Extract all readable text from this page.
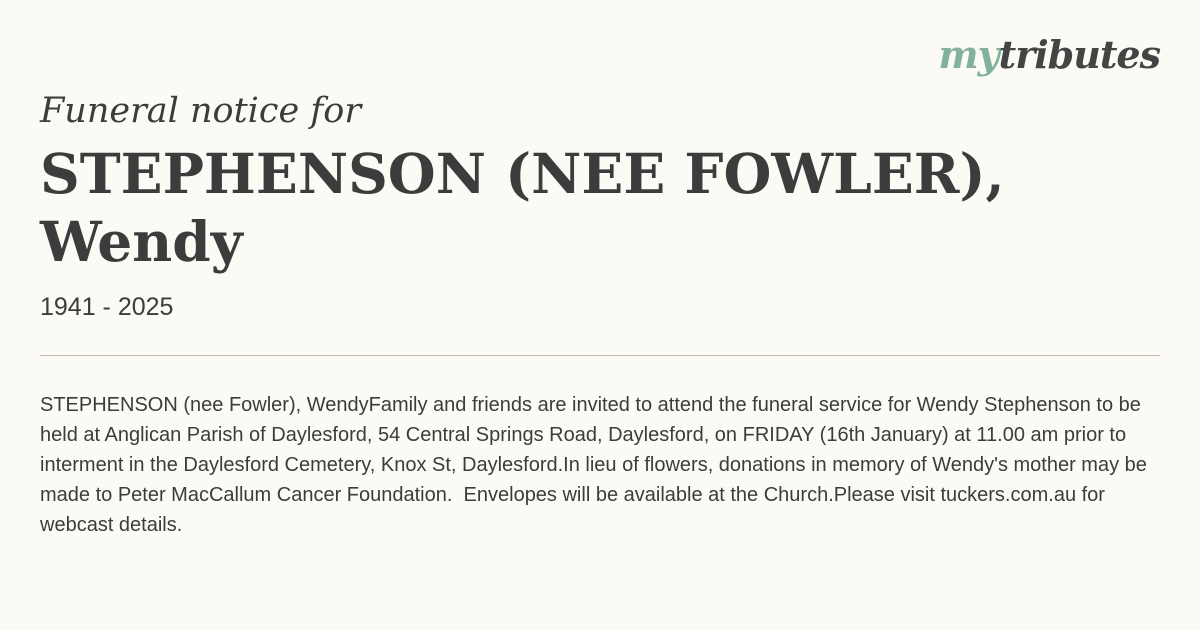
mytributes
Funeral notice for
STEPHENSON (NEE FOWLER),
Wendy
1941 - 2025
STEPHENSON (nee Fowler), WendyFamily and friends are invited to attend the funeral service for Wendy Stephenson to be held at Anglican Parish of Daylesford, 54 Central Springs Road, Daylesford, on FRIDAY (16th January) at 11.00 am prior to interment in the Daylesford Cemetery, Knox St, Daylesford.In lieu of flowers, donations in memory of Wendy's mother may be made to Peter MacCallum Cancer Foundation.  Envelopes will be available at the Church.Please visit tuckers.com.au for webcast details.
